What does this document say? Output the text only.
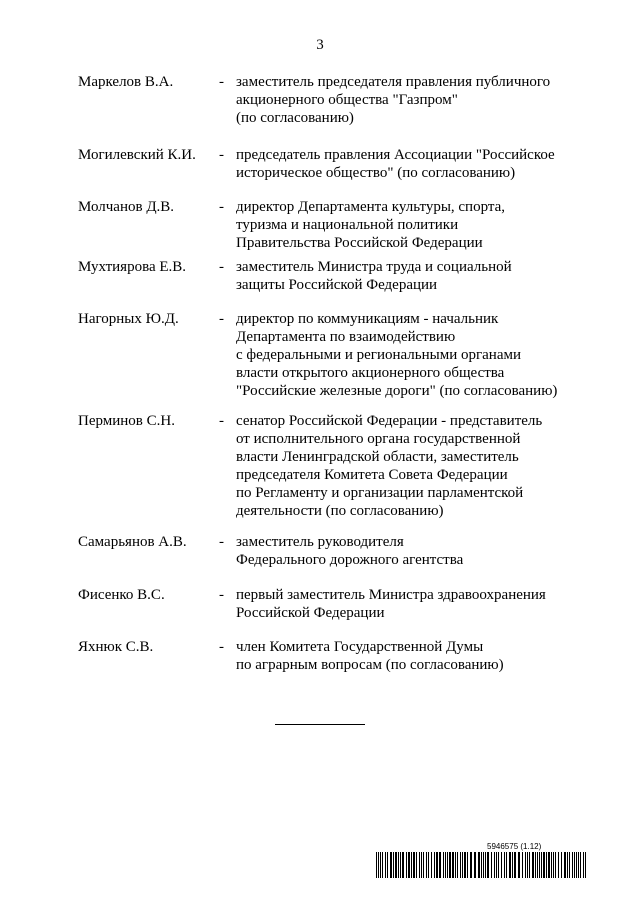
3
Маркелов В.А.	- заместитель председателя правления публичного
акционерного общества "Газпром"
(по согласованию)
Могилевский К.И. - председатель правления Ассоциации "Российское
историческое общество" (по согласованию)
Молчанов Д.В.	- директор Департамента культуры, спорта,
туризма и национальной политики
Правительства Российской Федерации
Мухтиярова Е.В. - заместитель Министра труда и социальной
защиты Российской Федерации
Нагорных Ю.Д.	- директор по коммуникациям - начальник
Департамента по взаимодействию
с федеральными и региональными органами
власти открытого акционерного общества
"Российские железные дороги" (по согласованию)
Перминов С.Н.	- сенатор Российской Федерации - представитель
от исполнительного органа государственной
власти Ленинградской области, заместитель
председателя Комитета Совета Федерации
по Регламенту и организации парламентской
деятельности (по согласованию)
Самарьянов А.В. - заместитель руководителя
Федерального дорожного агентства
Фисенко В.С.	- первый заместитель Министра здравоохранения
Российской Федерации
Яхнюк С.В.	- член Комитета Государственной Думы
по аграрным вопросам (по согласованию)
5946575 (1.12)
